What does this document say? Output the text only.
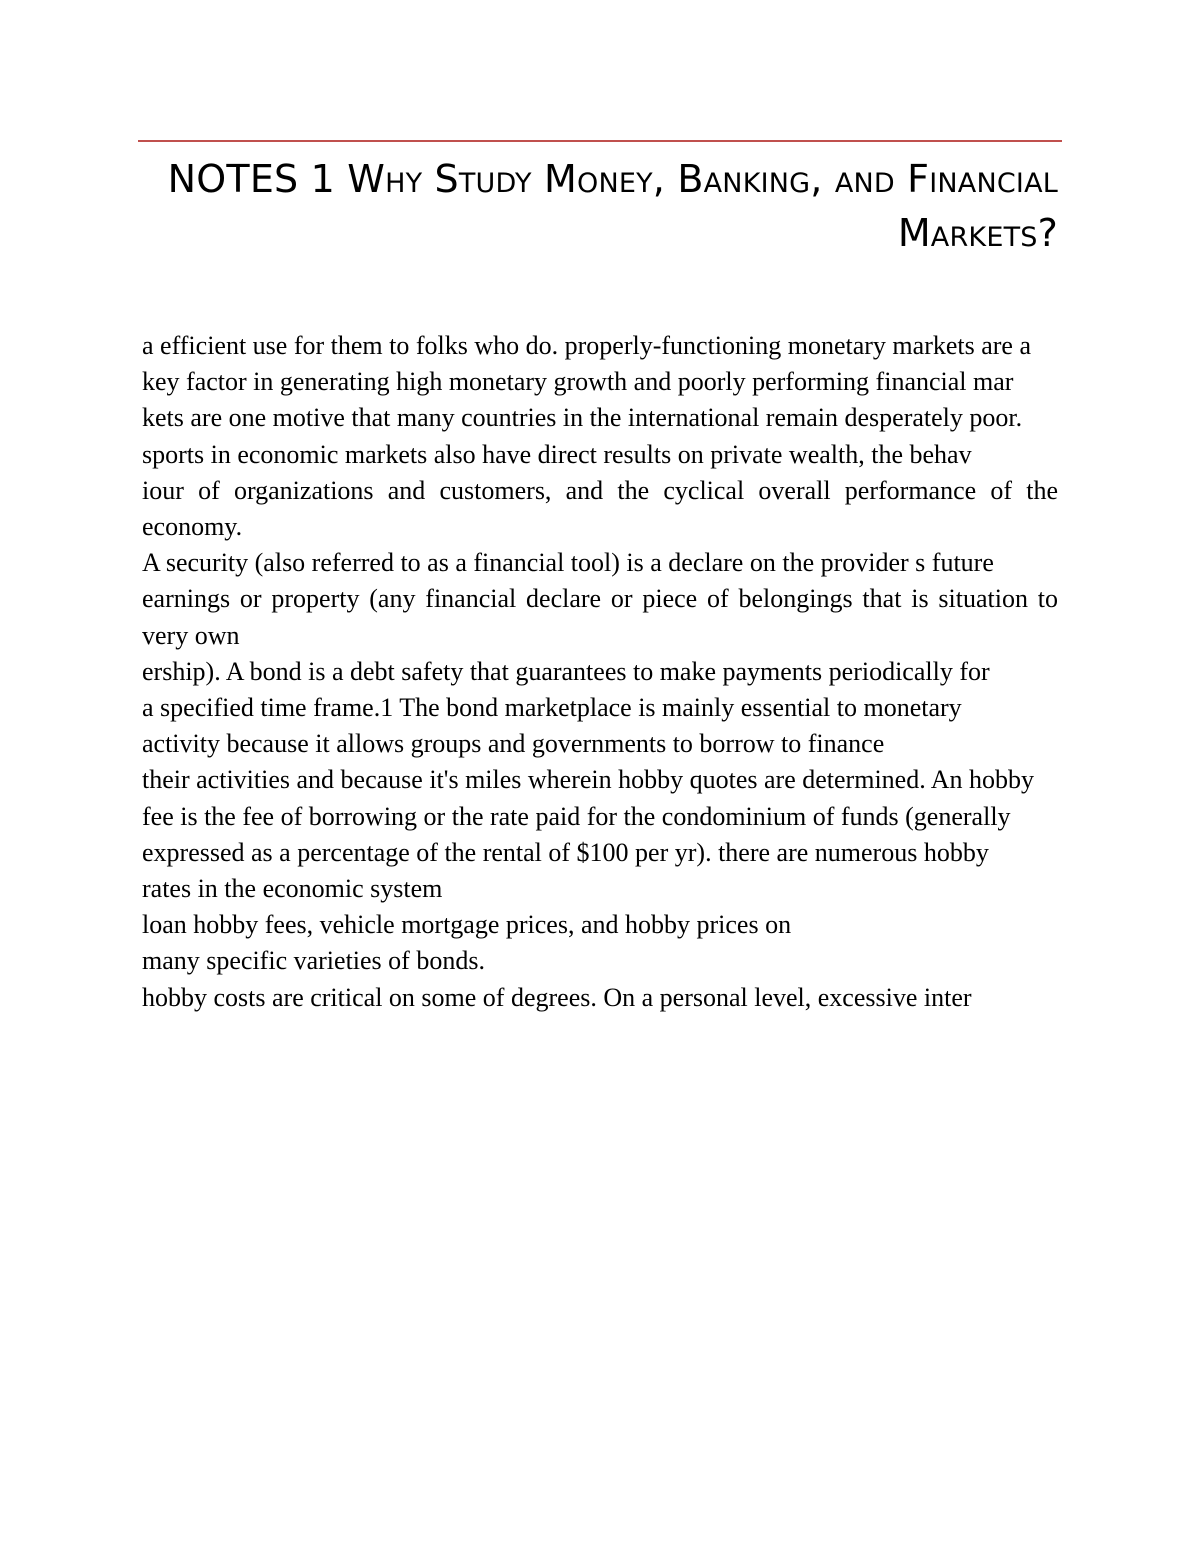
NOTES 1 Why Study Money, Banking, and Financial Markets?

a efficient use for them to folks who do. properly-functioning monetary markets are a

key factor in generating high monetary growth and poorly performing financial mar

kets are one motive that many countries in the international remain desperately poor.

sports in economic markets also have direct results on private wealth, the behav

iour of organizations and customers, and the cyclical overall performance of the economy.

A security (also referred to as a financial tool) is a declare on the provider s future

earnings or property (any financial declare or piece of belongings that is situation to very own

ership). A bond is a debt safety that guarantees to make payments periodically for

a specified time frame.1 The bond marketplace is mainly essential to monetary

activity because it allows groups and governments to borrow to finance

their activities and because it's miles wherein hobby quotes are determined. An hobby

fee is the fee of borrowing or the rate paid for the condominium of funds (generally

expressed as a percentage of the rental of $100 per yr). there are numerous hobby

rates in the economic system

loan hobby fees, vehicle mortgage prices, and hobby prices on

many specific varieties of bonds.

hobby costs are critical on some of degrees. On a personal level, excessive inter
